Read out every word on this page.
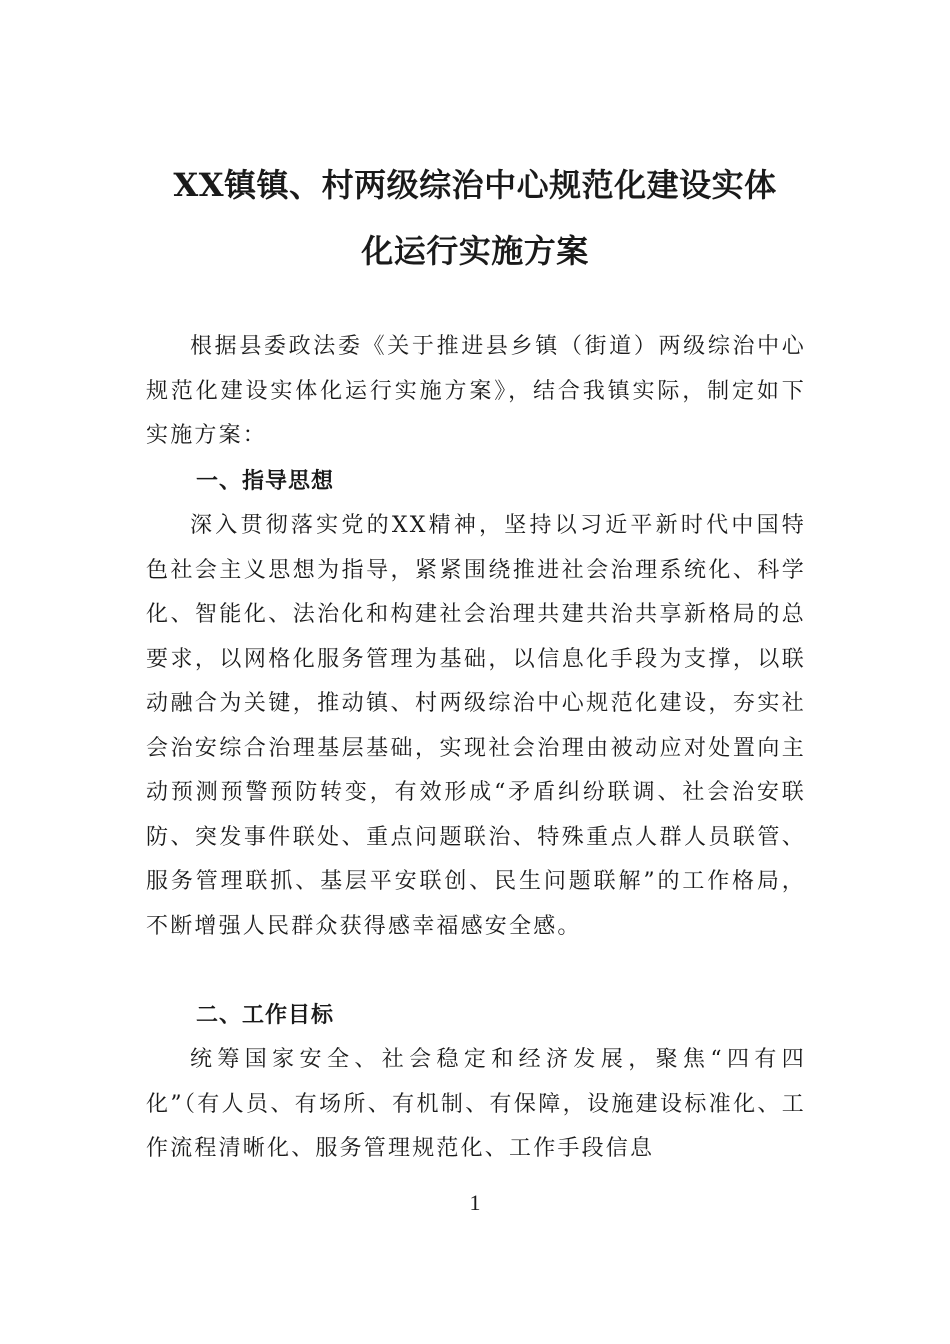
XX镇镇、村两级综治中心规范化建设实体
化运行实施方案

根据县委政法委《关于推进县乡镇（街道）两级综治中心规范化建设实体化运行实施方案》，结合我镇实际，制定如下实施方案：

一、指导思想

深入贯彻落实党的XX精神，坚持以习近平新时代中国特色社会主义思想为指导，紧紧围绕推进社会治理系统化、科学化、智能化、法治化和构建社会治理共建共治共享新格局的总要求，以网格化服务管理为基础，以信息化手段为支撑，以联动融合为关键，推动镇、村两级综治中心规范化建设，夯实社会治安综合治理基层基础，实现社会治理由被动应对处置向主动预测预警预防转变，有效形成“矛盾纠纷联调、社会治安联防、突发事件联处、重点问题联治、特殊重点人群人员联管、服务管理联抓、基层平安联创、民生问题联解”的工作格局，不断增强人民群众获得感幸福感安全感。

二、工作目标

统筹国家安全、社会稳定和经济发展，聚焦“四有四化”（有人员、有场所、有机制、有保障，设施建设标准化、工作流程清晰化、服务管理规范化、工作手段信息

1
